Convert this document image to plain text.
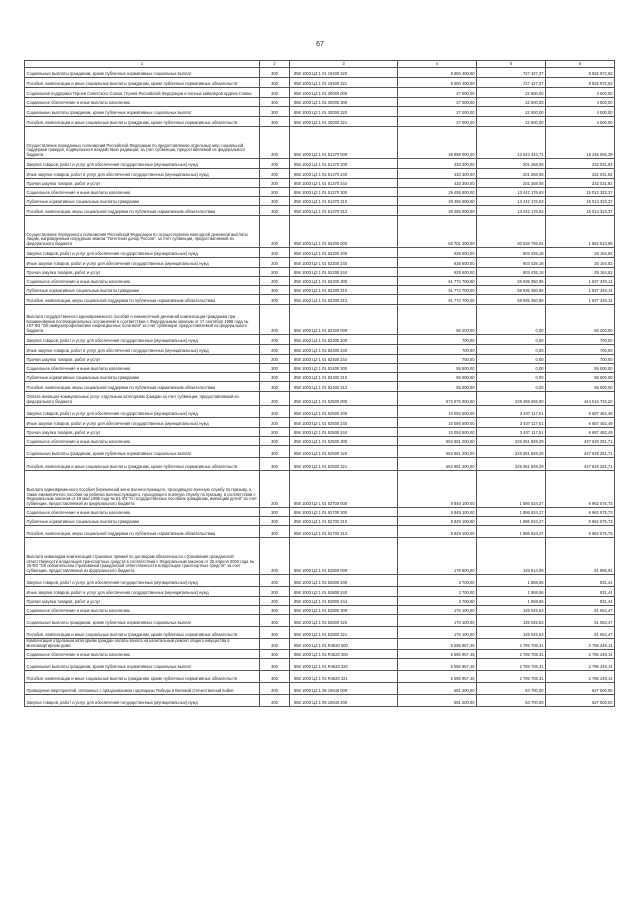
67
1	2	3	4	5	6
Социальные выплаты гражданам, кроме публичных нормативных социальных выплат	300	858 1003 Ц3 1 01 19400 320	9 660 400,00	727 427,37	8 932 972,63
Пособия, компенсации и иные социальные выплаты гражданам, кроме публичных нормативных обязательств	300	858 1003 Ц3 1 01 19400 321	9 660 400,00	727 427,37	8 932 972,63
Социальная поддержка Героев Советского Союза, Героев Российской Федерации и полных кавалеров ордена Славы	200	858 1003 Ц3 1 01 30000 000	27 000,00	22 500,00	4 500,00
Социальное обеспечение и иные выплаты населению	300	858 1003 Ц3 1 01 30000 300	27 000,00	22 500,00	4 500,00
Социальные выплаты гражданам, кроме публичных нормативных социальных выплат	300	858 1003 Ц3 1 01 30000 320	27 000,00	22 500,00	4 500,00
Пособия, компенсации и иные социальные выплаты гражданам, кроме публичных нормативных обязательств	300	858 1003 Ц3 1 01 30000 321	27 000,00	22 500,00	4 500,00
Осуществление переданных полномочий Российской Федерации по предоставлению отдельных мер социальной поддержки граждан, подвергшихся воздействию радиации, за счет субвенции, предоставляемой из федерального бюджета	200	858 1003 Ц3 1 01 51370 000	29 889 000,00	13 643 444,71	16 245 555,29
Закупка товаров, работ и услуг для обеспечения государственных (муниципальных) нужд	200	858 1003 Ц3 1 01 51370 200	433 300,00	201 268,08	232 031,92
Иные закупки товаров, работ и услуг для обеспечения государственных (муниципальных) нужд	200	858 1003 Ц3 1 01 51370 240	433 300,00	201 268,08	232 031,92
Прочая закупка товаров, работ и услуг	200	858 1003 Ц3 1 01 51370 244	433 300,00	201 268,08	232 031,92
Социальное обеспечение и иные выплаты населению	200	858 1003 Ц3 1 01 51370 300	29 455 500,00	13 442 176,63	15 013 323,37
Публичные нормативные социальные выплаты гражданам	300	858 1003 Ц3 1 01 51370 310	29 455 500,00	13 442 176,63	15 013 323,37
Пособия, компенсации, меры социальной поддержки по публичным нормативным обязательствам	300	858 1003 Ц3 1 01 51370 313	29 455 500,00	13 442 176,63	15 013 323,37
Осуществление переданного полномочия Российской Федерации по осуществлению ежегодной денежной выплаты лицам, награжденным нагрудным знаком "Почетный донор России", за счет субвенции, предоставляемой из федерального бюджета	200	858 1003 Ц3 1 01 52200 000	62 701 300,00	60 538 786,04	1 862 513,96
Закупка товаров, работ и услуг для обеспечения государственных (муниципальных) нужд	200	858 1003 Ц3 1 01 52200 200	928 600,00	903 435,18	25 164,82
Иные закупки товаров, работ и услуг для обеспечения государственных (муниципальных) нужд	200	858 1003 Ц3 1 01 52200 240	928 600,00	903 435,18	25 164,82
Прочая закупка товаров, работ и услуг	200	858 1003 Ц3 1 01 52200 244	928 600,00	903 435,18	25 164,82
Социальное обеспечение и иные выплаты населению	200	858 1003 Ц3 1 01 52200 300	61 772 700,00	59 935 350,86	1 837 349,14
Публичные нормативные социальные выплаты гражданам	300	858 1003 Ц3 1 01 52200 310	61 772 700,00	59 935 350,86	1 837 349,14
Пособия, компенсации, меры социальной поддержки по публичным нормативным обязательствам	300	858 1003 Ц3 1 01 52200 313	61 772 700,00	59 935 350,86	1 837 349,14
Выплата государственного единовременного пособия и ежемесячной денежной компенсации гражданам при возникновении поствакцинальных осложнений в соответствии с Федеральным законом от 17 сентября 1998 года № 157-ФЗ "Об иммунопрофилактике инфекционных болезней" за счет субвенции, предоставляемой из федерального бюджета	200	858 1003 Ц3 1 01 52400 000	56 200,00	0,00	56 200,00
Закупка товаров, работ и услуг для обеспечения государственных (муниципальных) нужд	200	858 1003 Ц3 1 01 52400 200	700,00	0,00	700,00
Иные закупки товаров, работ и услуг для обеспечения государственных (муниципальных) нужд	200	858 1003 Ц3 1 01 52400 240	700,00	0,00	700,00
Прочая закупка товаров, работ и услуг	200	858 1003 Ц3 1 01 52400 244	700,00	0,00	700,00
Социальное обеспечение и иные выплаты населению	300	858 1003 Ц3 1 01 52400 300	55 500,00	0,00	55 500,00
Публичные нормативные социальные выплаты гражданам	300	858 1003 Ц3 1 01 52400 310	55 500,00	0,00	55 500,00
Пособия, компенсации, меры социальной поддержки по публичным нормативным обязательствам	300	858 1003 Ц3 1 01 52400 313	55 500,00	0,00	55 500,00
Оплата жилищно-коммунальных услуг отдельным категориям граждан за счет субвенции, предоставляемой из федерального бюджета	200	858 1003 Ц3 1 01 52500 000	672 975 800,00	228 459 065,80	444 516 734,20
Закупка товаров, работ и услуг для обеспечения государственных (муниципальных) нужд	200	858 1003 Ц3 1 01 52500 200	10 094 600,00	3 407 117,51	6 687 482,49
Иные закупки товаров, работ и услуг для обеспечения государственных (муниципальных) нужд	200	858 1003 Ц3 1 01 52500 240	10 094 600,00	3 407 117,51	6 687 482,49
Прочая закупка товаров, работ и услуг	200	858 1003 Ц3 1 01 52500 244	10 094 600,00	3 407 117,51	6 687 482,49
Социальное обеспечение и иные выплаты населению	300	858 1003 Ц3 1 01 52500 300	662 881 200,00	225 051 948,29	437 829 251,71
Социальные выплаты гражданам, кроме публичных нормативных социальных выплат	300	858 1003 Ц3 1 01 52500 320	662 881 200,00	225 051 948,29	437 829 251,71
Пособия, компенсации и иные социальные выплаты гражданам, кроме публичных нормативных обязательств	300	858 1003 Ц3 1 01 52500 321	662 881 200,00	225 051 948,29	437 829 251,71
Выплата единовременного пособия беременной жене военнослужащего, проходящего военную службу по призыву, а также ежемесячного пособия на ребенка военнослужащего, проходящего военную службу по призыву, в соответствии с Федеральным законом от 19 мая 1995 года № 81-ФЗ "О государственных пособиях гражданам, имеющим детей" за счет субвенции, предоставляемой из федерального бюджета	200	858 1003 Ц3 1 01 52700 000	8 849 100,00	1 886 524,27	6 962 575,73
Социальное обеспечение и иные выплаты населению	300	858 1003 Ц3 1 01 52700 300	8 849 100,00	1 886 524,27	6 962 575,73
Публичные нормативные социальные выплаты гражданам	300	858 1003 Ц3 1 01 52700 310	8 849 100,00	1 886 524,27	6 962 575,73
Пособия, компенсации, меры социальной поддержки по публичным нормативным обязательствам	300	858 1003 Ц3 1 01 52700 313	8 849 100,00	1 886 524,27	6 962 575,73
Выплата инвалидам компенсаций страховых премий по договорам обязательного страхования гражданской ответственности владельцев транспортных средств в соответствии с Федеральным законом от 25 апреля 2002 года № 40-ФЗ "Об обязательном страховании гражданской ответственности владельцев транспортных средств" за счет субвенции, предоставляемой из федерального бюджета	200	858 1003 Ц3 1 01 52800 000	178 800,00	126 914,09	51 885,91
Закупка товаров, работ и услуг для обеспечения государственных (муниципальных) нужд	200	858 1003 Ц3 1 01 52800 200	2 700,00	1 868,56	831,44
Иные закупки товаров, работ и услуг для обеспечения государственных (муниципальных) нужд	200	858 1003 Ц3 1 01 52800 240	2 700,00	1 868,56	831,44
Прочая закупка товаров, работ и услуг	200	858 1003 Ц3 1 01 52800 244	2 700,00	1 868,56	831,44
Социальное обеспечение и иные выплаты населению	300	858 1003 Ц3 1 01 52800 300	176 100,00	125 045,53	51 054,47
Социальные выплаты гражданам, кроме публичных нормативных социальных выплат	300	858 1003 Ц3 1 01 52800 320	176 100,00	125 045,53	51 054,47
Пособия, компенсации и иные социальные выплаты гражданам, кроме публичных нормативных обязательств	300	858 1003 Ц3 1 01 52800 321	176 100,00	125 045,53	51 054,47
Компенсация отдельным категориям граждан оплаты взноса на капитальный ремонт общего имущества в многоквартирном доме	200	858 1003 Ц3 1 01 R4620 000	5 585 957,45	2 789 708,31	2 796 249,14
Социальное обеспечение и иные выплаты населению	300	858 1003 Ц3 1 01 R4620 300	5 585 957,45	2 789 708,31	2 796 249,14
Социальные выплаты гражданам, кроме публичных нормативных социальных выплат	300	858 1003 Ц3 1 01 R4620 320	5 585 957,45	2 789 708,31	2 796 249,14
Пособия, компенсации и иные социальные выплаты гражданам, кроме публичных нормативных обязательств	300	858 1003 Ц3 1 01 R4620 321	5 585 957,45	2 789 708,31	2 796 249,14
Проведение мероприятий, связанных с празднованием годовщины Победы в Великой Отечественной войне	200	858 1003 Ц3 1 05 10640 000	681 200,00	53 700,00	627 500,00
Закупка товаров, работ и услуг для обеспечения государственных (муниципальных) нужд	200	858 1003 Ц3 1 05 10640 200	681 200,00	53 700,00	627 500,00
